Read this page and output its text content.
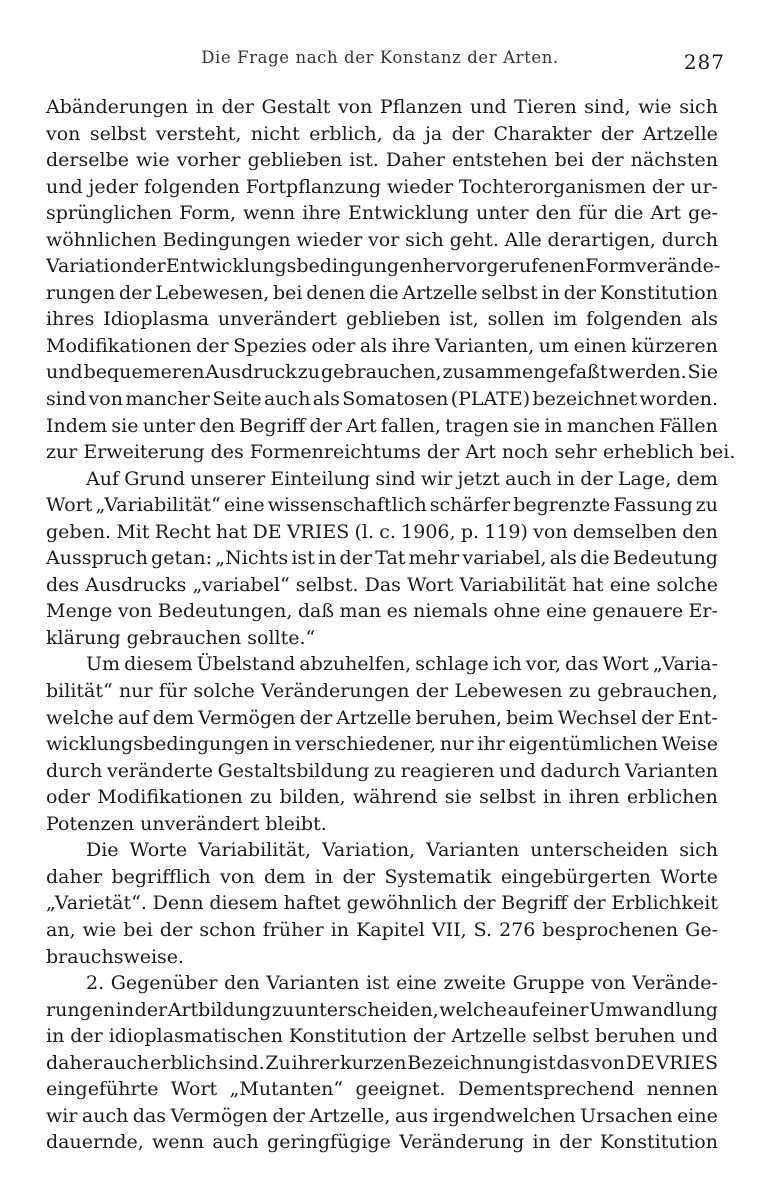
Die Frage nach der Konstanz der Arten.	287
Abänderungen in der Gestalt von Pflanzen und Tieren sind, wie sich
von selbst versteht, nicht erblich, da ja der Charakter der Artzelle
derselbe wie vorher geblieben ist. Daher entstehen bei der nächsten
und jeder folgenden Fortpflanzung wieder Tochterorganismen der ur-
sprünglichen Form, wenn ihre Entwicklung unter den für die Art ge-
wöhnlichen Bedingungen wieder vor sich geht. Alle derartigen, durch
Variation der Entwicklungsbedingungen hervorgerufenen Formverände-
rungen der Lebewesen, bei denen die Artzelle selbst in der Konstitution
ihres Idioplasma unverändert geblieben ist, sollen im folgenden als
Modifikationen der Spezies oder als ihre Varianten, um einen kürzeren
und bequemeren Ausdruck zu gebrauchen, zusammengefaßt werden. Sie
sind von mancher Seite auch als Somatosen (PLATE) bezeichnet worden.
Indem sie unter den Begriff der Art fallen, tragen sie in manchen Fällen
zur Erweiterung des Formenreichtums der Art noch sehr erheblich bei.
Auf Grund unserer Einteilung sind wir jetzt auch in der Lage, dem
Wort „Variabilität“ eine wissenschaftlich schärfer begrenzte Fassung zu
geben. Mit Recht hat DE VRIES (l. c. 1906, p. 119) von demselben den
Ausspruch getan: „Nichts ist in der Tat mehr variabel, als die Bedeutung
des Ausdrucks „variabel“ selbst. Das Wort Variabilität hat eine solche
Menge von Bedeutungen, daß man es niemals ohne eine genauere Er-
klärung gebrauchen sollte.“
Um diesem Übelstand abzuhelfen, schlage ich vor, das Wort „Varia-
bilität“ nur für solche Veränderungen der Lebewesen zu gebrauchen,
welche auf dem Vermögen der Artzelle beruhen, beim Wechsel der Ent-
wicklungsbedingungen in verschiedener, nur ihr eigentümlichen Weise
durch veränderte Gestaltsbildung zu reagieren und dadurch Varianten
oder Modifikationen zu bilden, während sie selbst in ihren erblichen
Potenzen unverändert bleibt.
Die Worte Variabilität, Variation, Varianten unterscheiden sich
daher begrifflich von dem in der Systematik eingebürgerten Worte
„Varietät“. Denn diesem haftet gewöhnlich der Begriff der Erblichkeit
an, wie bei der schon früher in Kapitel VII, S. 276 besprochenen Ge-
brauchsweise.
2. Gegenüber den Varianten ist eine zweite Gruppe von Verände-
rungen in der Artbildung zu unterscheiden, welche auf einer Umwandlung
in der idioplasmatischen Konstitution der Artzelle selbst beruhen und
daher auch erblich sind. Zu ihrer kurzen Bezeichnung ist das von DE VRIES
eingeführte Wort „Mutanten“ geeignet. Dementsprechend nennen
wir auch das Vermögen der Artzelle, aus irgendwelchen Ursachen eine
dauernde, wenn auch geringfügige Veränderung in der Konstitution
